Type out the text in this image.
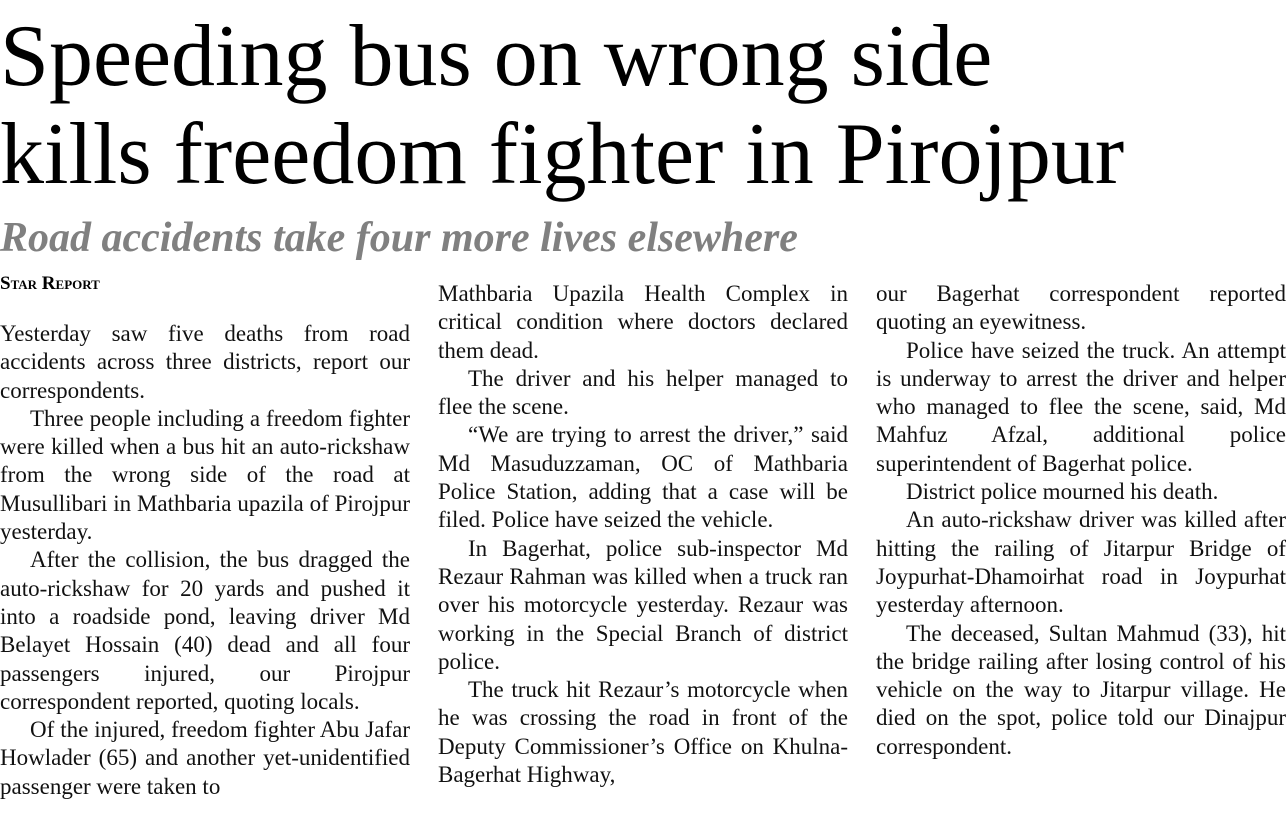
Speeding bus on wrong side
kills freedom fighter in Pirojpur
Road accidents take four more lives elsewhere
Star Report

Yesterday saw five deaths from road accidents across three districts, report our correspondents.

Three people including a freedom fighter were killed when a bus hit an auto-rickshaw from the wrong side of the road at Musullibari in Mathbaria upazila of Pirojpur yesterday.

After the collision, the bus dragged the auto-rickshaw for 20 yards and pushed it into a roadside pond, leaving driver Md Belayet Hossain (40) dead and all four passengers injured, our Pirojpur correspondent reported, quoting locals.

Of the injured, freedom fighter Abu Jafar Howlader (65) and another yet-unidentified passenger were taken to

Mathbaria Upazila Health Complex in critical condition where doctors declared them dead.

The driver and his helper managed to flee the scene.

“We are trying to arrest the driver,” said Md Masuduzzaman, OC of Mathbaria Police Station, adding that a case will be filed. Police have seized the vehicle.

In Bagerhat, police sub-inspector Md Rezaur Rahman was killed when a truck ran over his motorcycle yesterday. Rezaur was working in the Special Branch of district police.

The truck hit Rezaur’s motorcycle when he was crossing the road in front of the Deputy Commissioner’s Office on Khulna-Bagerhat Highway,

our Bagerhat correspondent reported quoting an eyewitness.

Police have seized the truck. An attempt is underway to arrest the driver and helper who managed to flee the scene, said, Md Mahfuz Afzal, additional police superintendent of Bagerhat police.

District police mourned his death.

An auto-rickshaw driver was killed after hitting the railing of Jitarpur Bridge of Joypurhat-Dhamoirhat road in Joypurhat yesterday afternoon.

The deceased, Sultan Mahmud (33), hit the bridge railing after losing control of his vehicle on the way to Jitarpur village. He died on the spot, police told our Dinajpur correspondent.
